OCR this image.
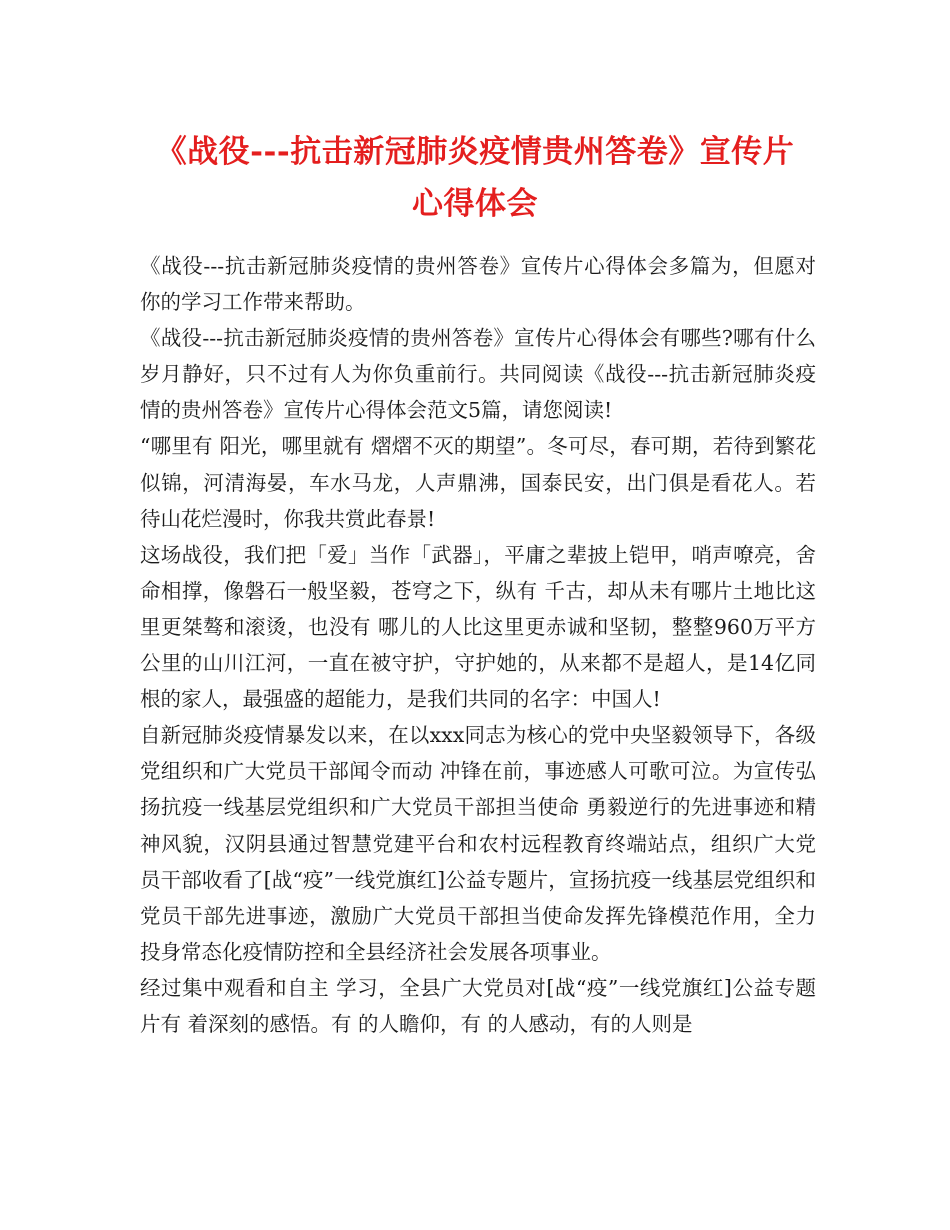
《战役---抗击新冠肺炎疫情贵州答卷》宣传片心得体会

《战役---抗击新冠肺炎疫情的贵州答卷》宣传片心得体会多篇为，但愿对你的学习工作带来帮助。

《战役---抗击新冠肺炎疫情的贵州答卷》宣传片心得体会有哪些?哪有什么岁月静好，只不过有人为你负重前行。共同阅读《战役---抗击新冠肺炎疫情的贵州答卷》宣传片心得体会范文5篇，请您阅读!

“哪里有 阳光，哪里就有 熠熠不灭的期望”。冬可尽，春可期，若待到繁花似锦，河清海晏，车水马龙，人声鼎沸，国泰民安，出门俱是看花人。若待山花烂漫时，你我共赏此春景!

这场战役，我们把「爱」当作「武器」，平庸之辈披上铠甲，哨声嘹亮，舍命相撑，像磐石一般坚毅，苍穹之下，纵有 千古，却从未有哪片土地比这里更桀骜和滚烫，也没有 哪儿的人比这里更赤诚和坚韧，整整960万平方公里的山川江河，一直在被守护，守护她的，从来都不是超人，是14亿同根的家人，最强盛的超能力，是我们共同的名字：中国人!

自新冠肺炎疫情暴发以来，在以xxx同志为核心的党中央坚毅领导下，各级党组织和广大党员干部闻令而动 冲锋在前，事迹感人可歌可泣。为宣传弘扬抗疫一线基层党组织和广大党员干部担当使命 勇毅逆行的先进事迹和精神风貌，汉阴县通过智慧党建平台和农村远程教育终端站点，组织广大党员干部收看了[战“疫”一线党旗红]公益专题片，宣扬抗疫一线基层党组织和党员干部先进事迹，激励广大党员干部担当使命发挥先锋模范作用，全力投身常态化疫情防控和全县经济社会发展各项事业。

经过集中观看和自主 学习，全县广大党员对[战“疫”一线党旗红]公益专题片有 着深刻的感悟。有 的人瞻仰，有 的人感动，有的人则是
